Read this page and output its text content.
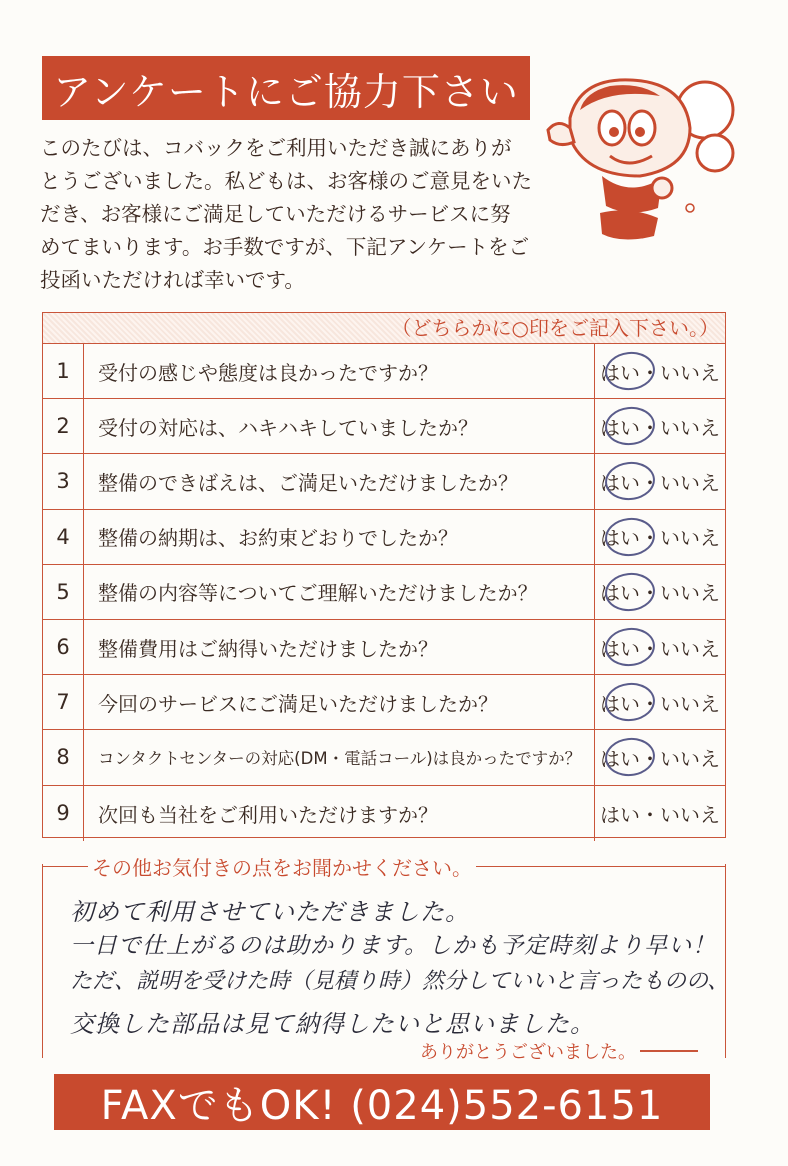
アンケートにご協力下さい
このたびは、コバックをご利用いただき誠にありが
とうございました。私どもは、お客様のご意見をいた
だき、お客様にご満足していただけるサービスに努
めてまいります。お手数ですが、下記アンケートをご
投函いただければ幸いです。
（どちらかに○印をご記入下さい。）
1	受付の感じや態度は良かったですか？	はい・いいえ
2	受付の対応は、ハキハキしていましたか？	はい・いいえ
3	整備のできばえは、ご満足いただけましたか？	はい・いいえ
4	整備の納期は、お約束どおりでしたか？	はい・いいえ
5	整備の内容等についてご理解いただけましたか？	はい・いいえ
6	整備費用はご納得いただけましたか？	はい・いいえ
7	今回のサービスにご満足いただけましたか？	はい・いいえ
8	コンタクトセンターの対応(DM・電話コール)は良かったですか？ はい・いいえ
9	次回も当社をご利用いただけますか？	はい・いいえ
その他お気付きの点をお聞かせください。
初めて利用させていただきました。
一日で仕上がるのは助かります。しかも予定時刻より早い！
ただ、説明を受けた時（見積り時）然分していいと言ったものの、
交換した部品は見て納得したいと思いました。
ありがとうございました。
FAXでもOK! (024)552-6151
